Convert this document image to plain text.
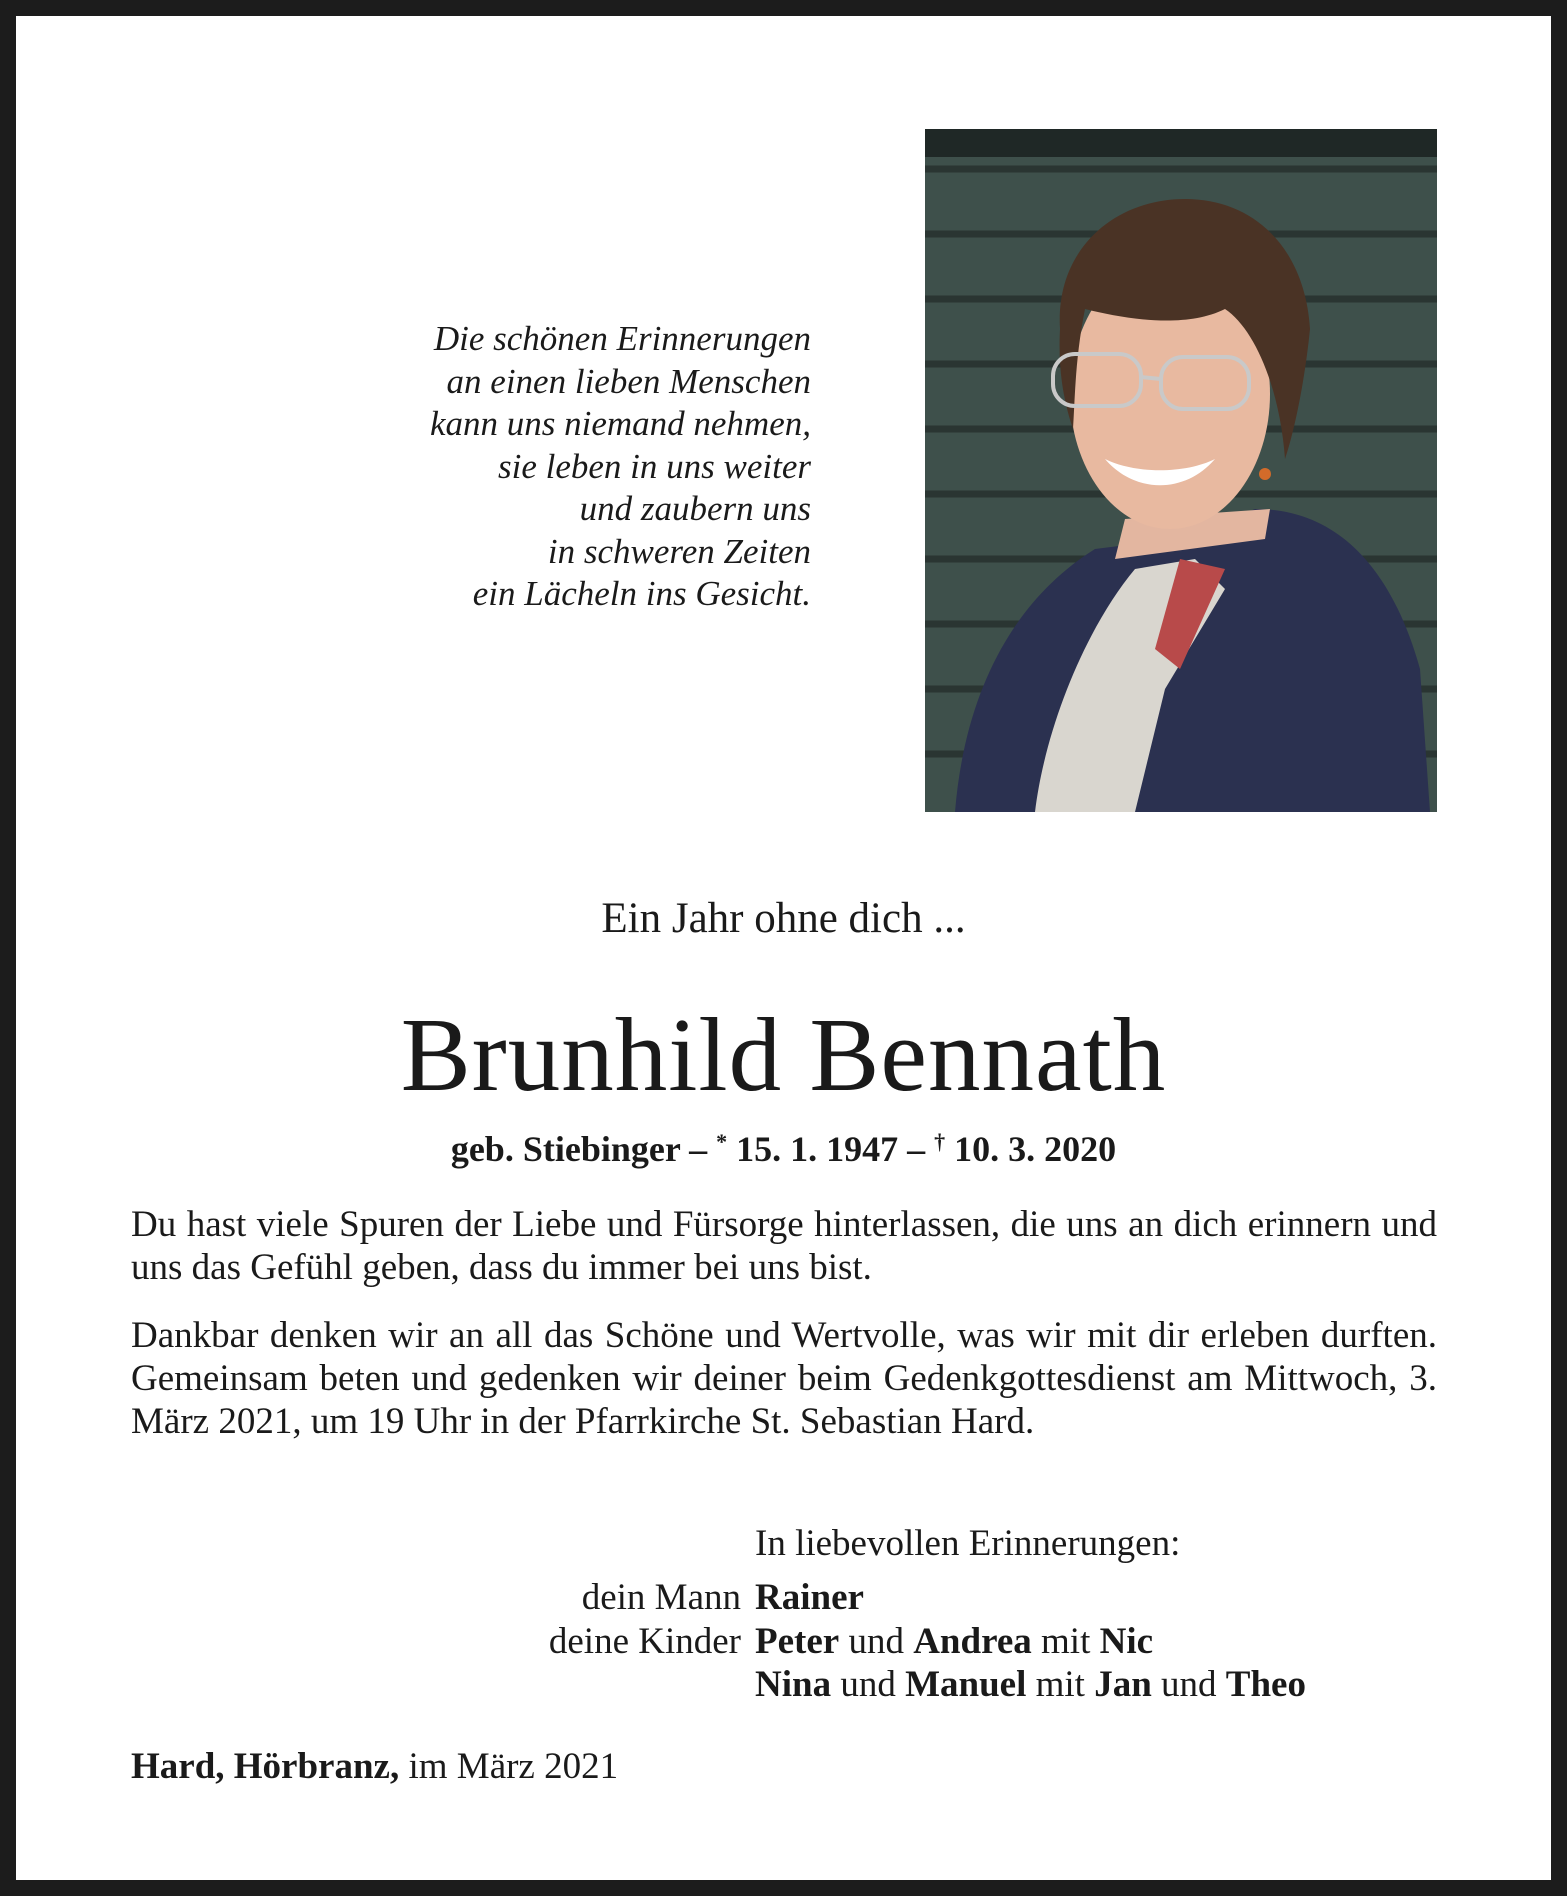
Die schönen Erinnerungen
an einen lieben Menschen
kann uns niemand nehmen,
sie leben in uns weiter
und zaubern uns
in schweren Zeiten
ein Lächeln ins Gesicht.
Ein Jahr ohne dich ...
Brunhild Bennath
geb. Stiebinger – * 15. 1. 1947 – † 10. 3. 2020
Du hast viele Spuren der Liebe und Fürsorge hinterlassen, die uns an dich erinnern und uns das Gefühl geben, dass du immer bei uns bist.
Dankbar denken wir an all das Schöne und Wertvolle, was wir mit dir erleben durften. Gemeinsam beten und gedenken wir deiner beim Gedenkgottesdienst am Mittwoch, 3. März 2021, um 19 Uhr in der Pfarrkirche St. Sebastian Hard.
In liebevollen Erinnerungen:
dein Mann Rainer
deine Kinder Peter und Andrea mit Nic
Nina und Manuel mit Jan und Theo
Hard, Hörbranz, im März 2021
